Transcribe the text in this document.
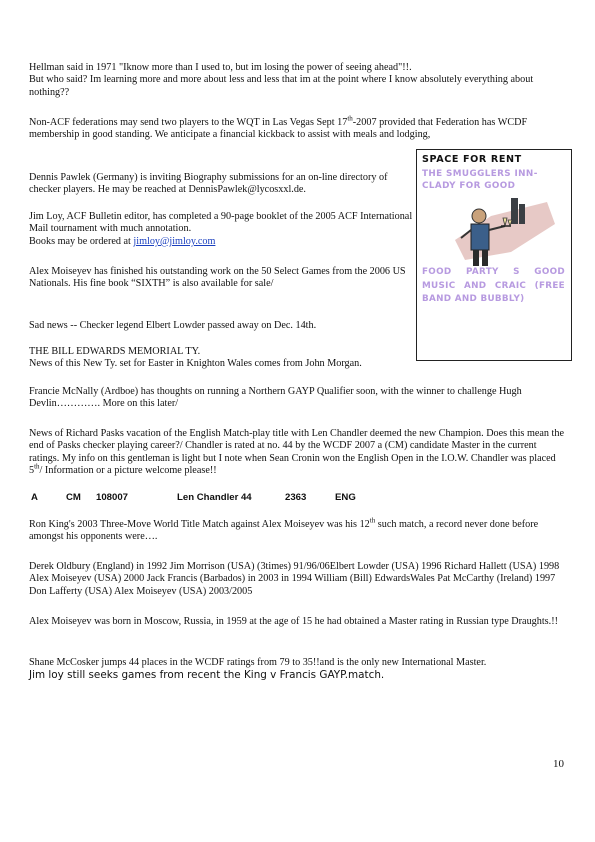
Hellman said in 1971 "Iknow more than I used to, but im losing the power of seeing ahead"!!.
But who said? Im learning more and more about less and less that im at the point where I know absolutely everything about nothing??

Non-ACF federations may send two players to the WQT in Las Vegas Sept 17th-2007 provided that Federation has WCDF membership in good standing. We anticipate a financial kickback to assist with meals and lodging,

Dennis Pawlek (Germany) is inviting Biography submissions for an on-line directory of checker players. He may be reached at DennisPawlek@lycosxxl.de.

Jim Loy, ACF Bulletin editor, has completed a 90-page booklet of the 2005 ACF International Mail tournament with much annotation.
Books may be ordered at jimloy@jimloy.com

Alex Moiseyev has finished his outstanding work on the 50 Select Games from the 2006 US Nationals. His fine book “SIXTH” is also available for sale/

Sad news -- Checker legend Elbert Lowder passed away on Dec. 14th.

THE BILL EDWARDS MEMORIAL TY.
News of this New Ty. set for Easter in Knighton Wales comes from John Morgan.

Francie McNally (Ardboe) has thoughts on running a Northern GAYP Qualifier soon, with the winner to challenge Hugh Devlin…………. More on this later/

News of Richard Pasks vacation of the English Match-play title with Len Chandler deemed the new Champion. Does this mean the end of Pasks checker playing career?/ Chandler is rated at no. 44 by the WCDF 2007 a (CM) candidate Master in the current ratings. My info on this gentleman is light but I note when Sean Cronin won the English Open in the I.O.W. Chandler was placed 5th/ Information or a picture welcome please!!

A	CM 108007	Len Chandler 44	2363	ENG

Ron King's 2003 Three-Move World Title Match against Alex Moiseyev was his 12th such match, a record never done before amongst his opponents were….

Derek Oldbury (England) in 1992 Jim Morrison (USA) (3times) 91/96/06Elbert Lowder (USA) 1996 Richard Hallett (USA) 1998 Alex Moiseyev (USA) 2000 Jack Francis (Barbados) in 2003 in 1994 William (Bill) EdwardsWales Pat McCarthy (Ireland) 1997 Don Lafferty (USA) Alex Moiseyev (USA) 2003/2005

Alex Moiseyev was born in Moscow, Russia, in 1959 at the age of 15 he had obtained a Master rating in Russian type Draughts.!!

Shane McCosker jumps 44 places in the WCDF ratings from 79 to 35!!and is the only new International Master.
Jim loy still seeks games from recent the King v Francis GAYP.match.

SPACE FOR RENT
THE SMUGGLERS INN-CLADY FOR GOOD
FOOD PARTY S GOOD MUSIC AND CRAIC (FREE BAND AND BUBBLY)
10
